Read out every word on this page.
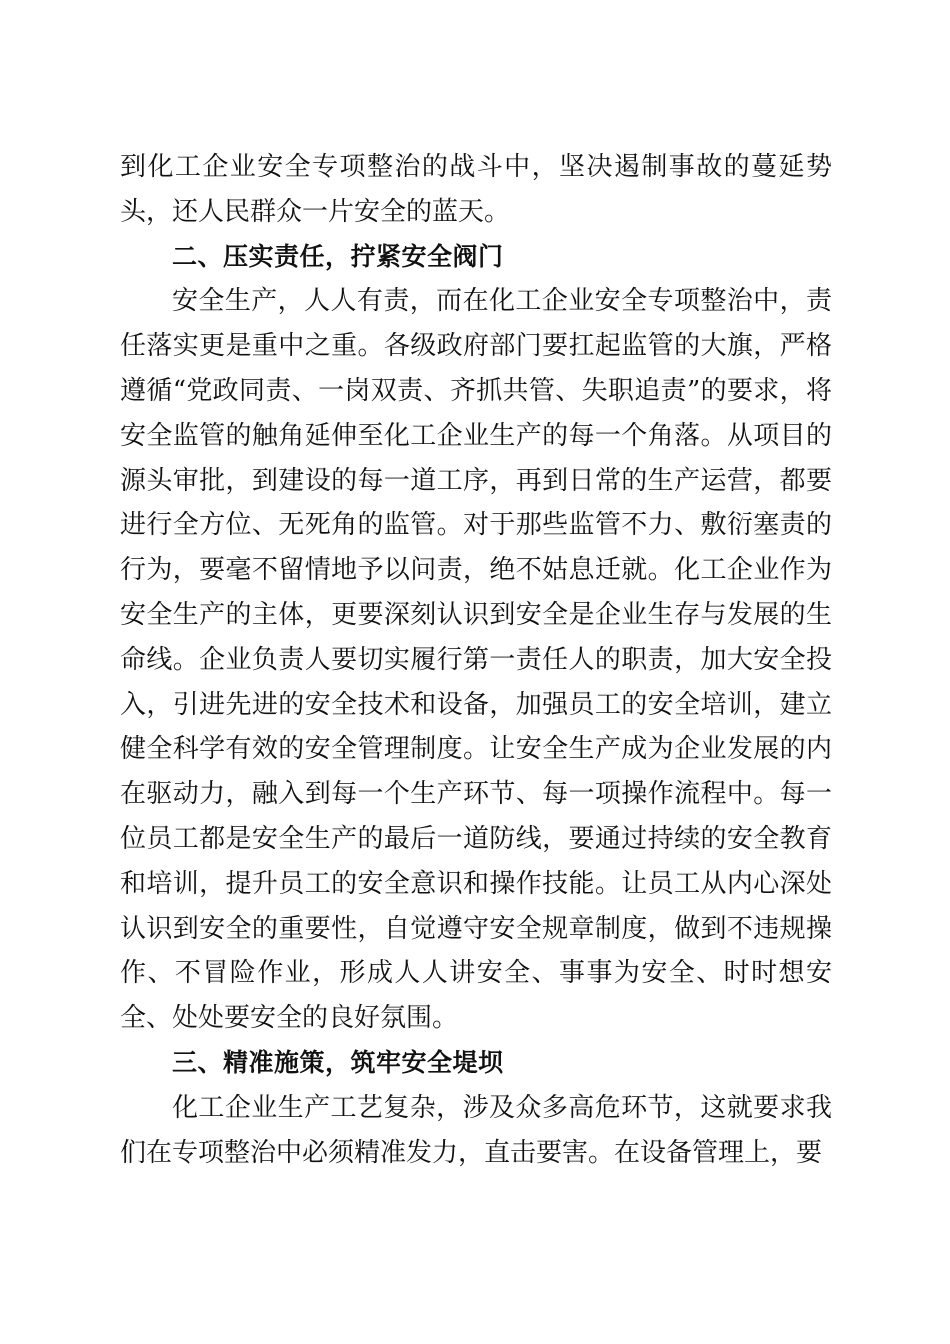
到化工企业安全专项整治的战斗中，坚决遏制事故的蔓延势头，还人民群众一片安全的蓝天。

二、压实责任，拧紧安全阀门

安全生产，人人有责，而在化工企业安全专项整治中，责任落实更是重中之重。各级政府部门要扛起监管的大旗，严格遵循“党政同责、一岗双责、齐抓共管、失职追责”的要求，将安全监管的触角延伸至化工企业生产的每一个角落。从项目的源头审批，到建设的每一道工序，再到日常的生产运营，都要进行全方位、无死角的监管。对于那些监管不力、敷衍塞责的行为，要毫不留情地予以问责，绝不姑息迁就。化工企业作为安全生产的主体，更要深刻认识到安全是企业生存与发展的生命线。企业负责人要切实履行第一责任人的职责，加大安全投入，引进先进的安全技术和设备，加强员工的安全培训，建立健全科学有效的安全管理制度。让安全生产成为企业发展的内在驱动力，融入到每一个生产环节、每一项操作流程中。每一位员工都是安全生产的最后一道防线，要通过持续的安全教育和培训，提升员工的安全意识和操作技能。让员工从内心深处认识到安全的重要性，自觉遵守安全规章制度，做到不违规操作、不冒险作业，形成人人讲安全、事事为安全、时时想安全、处处要安全的良好氛围。

三、精准施策，筑牢安全堤坝

化工企业生产工艺复杂，涉及众多高危环节，这就要求我们在专项整治中必须精准发力，直击要害。在设备管理上，要
